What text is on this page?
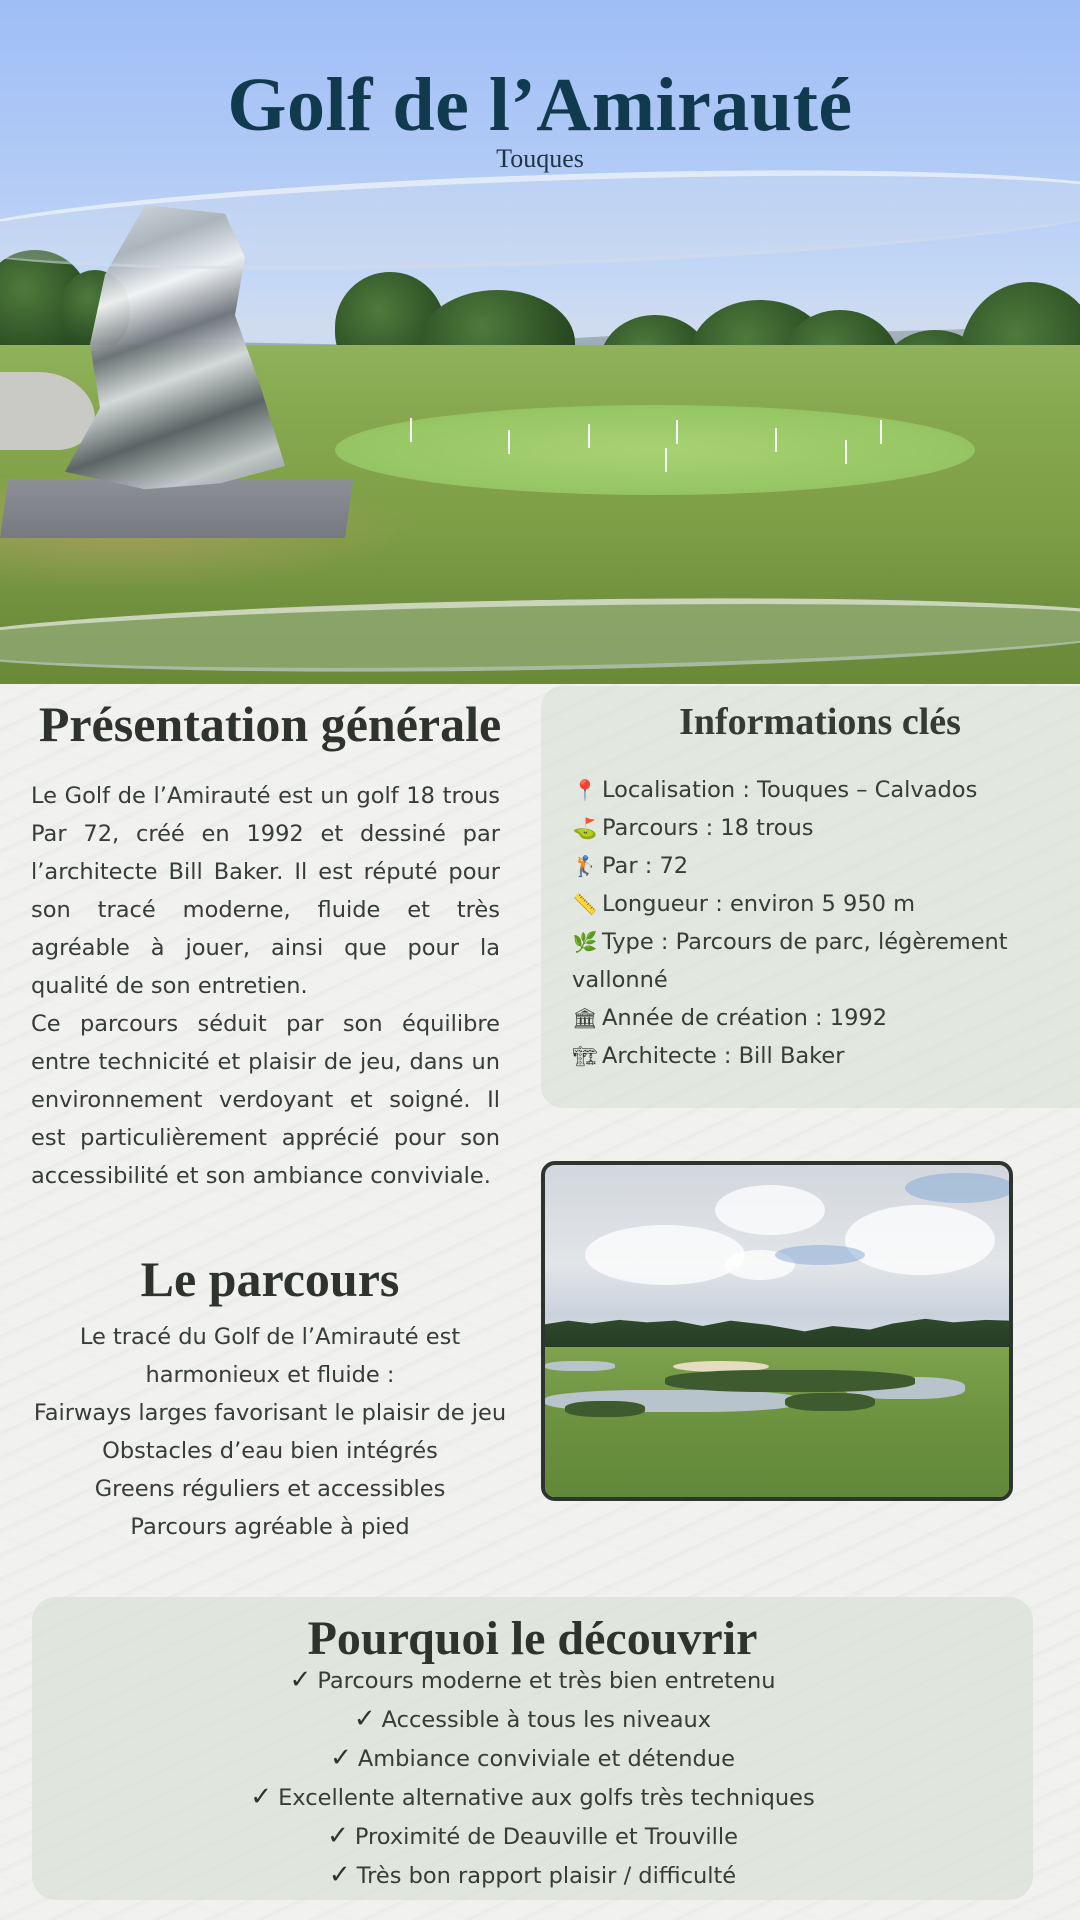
Golf de l’Amirauté
Touques
Présentation générale

Le Golf de l’Amirauté est un golf 18 trous Par 72, créé en 1992 et dessiné par l’architecte Bill Baker. Il est réputé pour son tracé moderne, fluide et très agréable à jouer, ainsi que pour la qualité de son entretien.

Ce parcours séduit par son équilibre entre technicité et plaisir de jeu, dans un environnement verdoyant et soigné. Il est particulièrement apprécié pour son accessibilité et son ambiance conviviale.

Informations clés
📍 Localisation : Touques – Calvados
⛳ Parcours : 18 trous
🏌 Par : 72
📏 Longueur : environ 5 950 m
🌿 Type : Parcours de parc, légèrement vallonné
🏛 Année de création : 1992
🏗 Architecte : Bill Baker
Le parcours

Le tracé du Golf de l’Amirauté est harmonieux et fluide :

Fairways larges favorisant le plaisir de jeu
Obstacles d’eau bien intégrés
Greens réguliers et accessibles
Parcours agréable à pied
Pourquoi le découvrir
✓ Parcours moderne et très bien entretenu
✓ Accessible à tous les niveaux
✓ Ambiance conviviale et détendue
✓ Excellente alternative aux golfs très techniques
✓ Proximité de Deauville et Trouville
✓ Très bon rapport plaisir / difficulté
